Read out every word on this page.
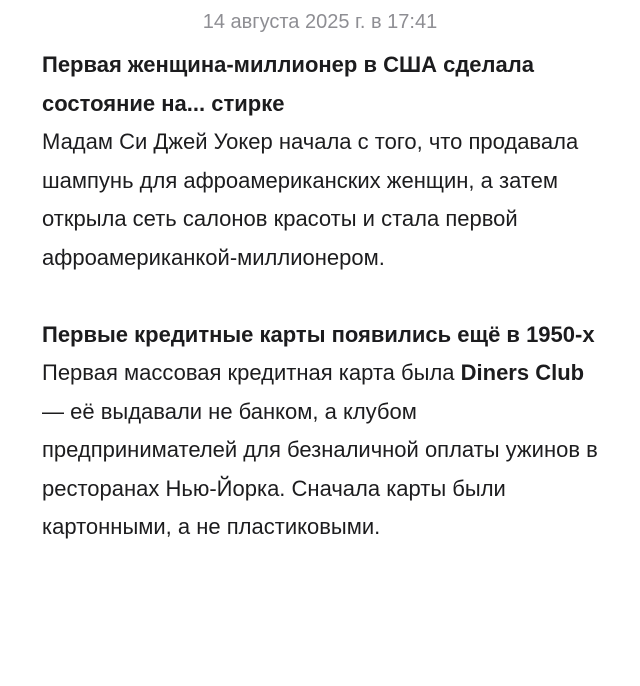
14 августа 2025 г. в 17:41
Первая женщина-миллионер в США сделала состояние на... стирке
Мадам Си Джей Уокер начала с того, что продавала шампунь для афроамериканских женщин, а затем открыла сеть салонов красоты и стала первой афроамериканкой-миллионером.
Первые кредитные карты появились ещё в 1950-х
Первая массовая кредитная карта была Diners Club — её выдавали не банком, а клубом предпринимателей для безналичной оплаты ужинов в ресторанах Нью-Йорка. Сначала карты были картонными, а не пластиковыми.
